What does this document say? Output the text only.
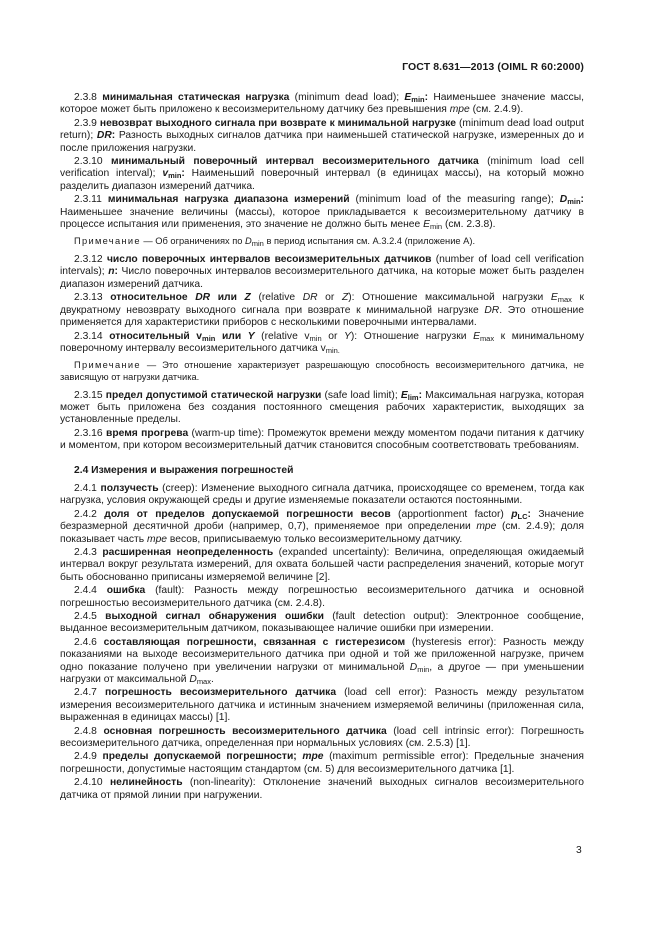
ГОСТ 8.631—2013 (OIML R 60:2000)

2.3.8 минимальная статическая нагрузка (minimum dead load); $E_{min}$: Наименьшее значение массы, которое может быть приложено к весоизмерительному датчику без превышения mpe (см. 2.4.9).

2.3.9 невозврат выходного сигнала при возврате к минимальной нагрузке (minimum dead load output return); DR: Разность выходных сигналов датчика при наименьшей статической нагрузке, измеренных до и после приложения нагрузки.

2.3.10 минимальный поверочный интервал весоизмерительного датчика (minimum load cell verification interval); $v_{min}$: Наименьший поверочный интервал (в единицах массы), на который можно разделить диапазон измерений датчика.

2.3.11 минимальная нагрузка диапазона измерений (minimum load of the measuring range); $D_{min}$: Наименьшее значение величины (массы), которое прикладывается к весоизмерительному датчику в процессе испытания или применения, это значение не должно быть менее $E_{min}$ (см. 2.3.8).

Примечание — Об ограничениях по $D_{min}$ в период испытания см. А.3.2.4 (приложение А).

2.3.12 число поверочных интервалов весоизмерительных датчиков (number of load cell verification intervals); n: Число поверочных интервалов весоизмерительного датчика, на которые может быть разделен диапазон измерений датчика.

2.3.13 относительное DR или Z (relative DR or Z): Отношение максимальной нагрузки $E_{max}$ к двукратному невозврату выходного сигнала при возврате к минимальной нагрузке DR. Это отношение применяется для характеристики приборов с несколькими поверочными интервалами.

2.3.14 относительный $v_{min}$ или Y (relative $v_{min}$ or Y): Отношение нагрузки $E_{max}$ к минимальному поверочному интервалу весоизмерительного датчика $v_{min.}$

Примечание — Это отношение характеризует разрешающую способность весоизмерительного датчика, не зависящую от нагрузки датчика.

2.3.15 предел допустимой статической нагрузки (safe load limit); $E_{lim}$: Максимальная нагрузка, которая может быть приложена без создания постоянного смещения рабочих характеристик, выходящих за установленные пределы.

2.3.16 время прогрева (warm-up time): Промежуток времени между моментом подачи питания к датчику и моментом, при котором весоизмерительный датчик становится способным соответствовать требованиям.

2.4 Измерения и выражения погрешностей

2.4.1 ползучесть (creep): Изменение выходного сигнала датчика, происходящее со временем, тогда как нагрузка, условия окружающей среды и другие изменяемые показатели остаются постоянными.

2.4.2 доля от пределов допускаемой погрешности весов (apportionment factor) $p_{LC}$: Значение безразмерной десятичной дроби (например, 0,7), применяемое при определении mpe (см. 2.4.9); доля показывает часть mpe весов, приписываемую только весоизмерительному датчику.

2.4.3 расширенная неопределенность (expanded uncertainty): Величина, определяющая ожидаемый интервал вокруг результата измерений, для охвата большей части распределения значений, которые могут быть обоснованно приписаны измеряемой величине [2].

2.4.4 ошибка (fault): Разность между погрешностью весоизмерительного датчика и основной погрешностью весоизмерительного датчика (см. 2.4.8).

2.4.5 выходной сигнал обнаружения ошибки (fault detection output): Электронное сообщение, выданное весоизмерительным датчиком, показывающее наличие ошибки при измерении.

2.4.6 составляющая погрешности, связанная с гистерезисом (hysteresis error): Разность между показаниями на выходе весоизмерительного датчика при одной и той же приложенной нагрузке, причем одно показание получено при увеличении нагрузки от минимальной $D_{min}$, а другое — при уменьшении нагрузки от максимальной $D_{max}$.

2.4.7 погрешность весоизмерительного датчика (load cell error): Разность между результатом измерения весоизмерительного датчика и истинным значением измеряемой величины (приложенная сила, выраженная в единицах массы) [1].

2.4.8 основная погрешность весоизмерительного датчика (load cell intrinsic error): Погрешность весоизмерительного датчика, определенная при нормальных условиях (см. 2.5.3) [1].

2.4.9 пределы допускаемой погрешности; mpe (maximum permissible error): Предельные значения погрешности, допустимые настоящим стандартом (см. 5) для весоизмерительного датчика [1].

2.4.10 нелинейность (non-linearity): Отклонение значений выходных сигналов весоизмерительного датчика от прямой линии при нагружении.

3
